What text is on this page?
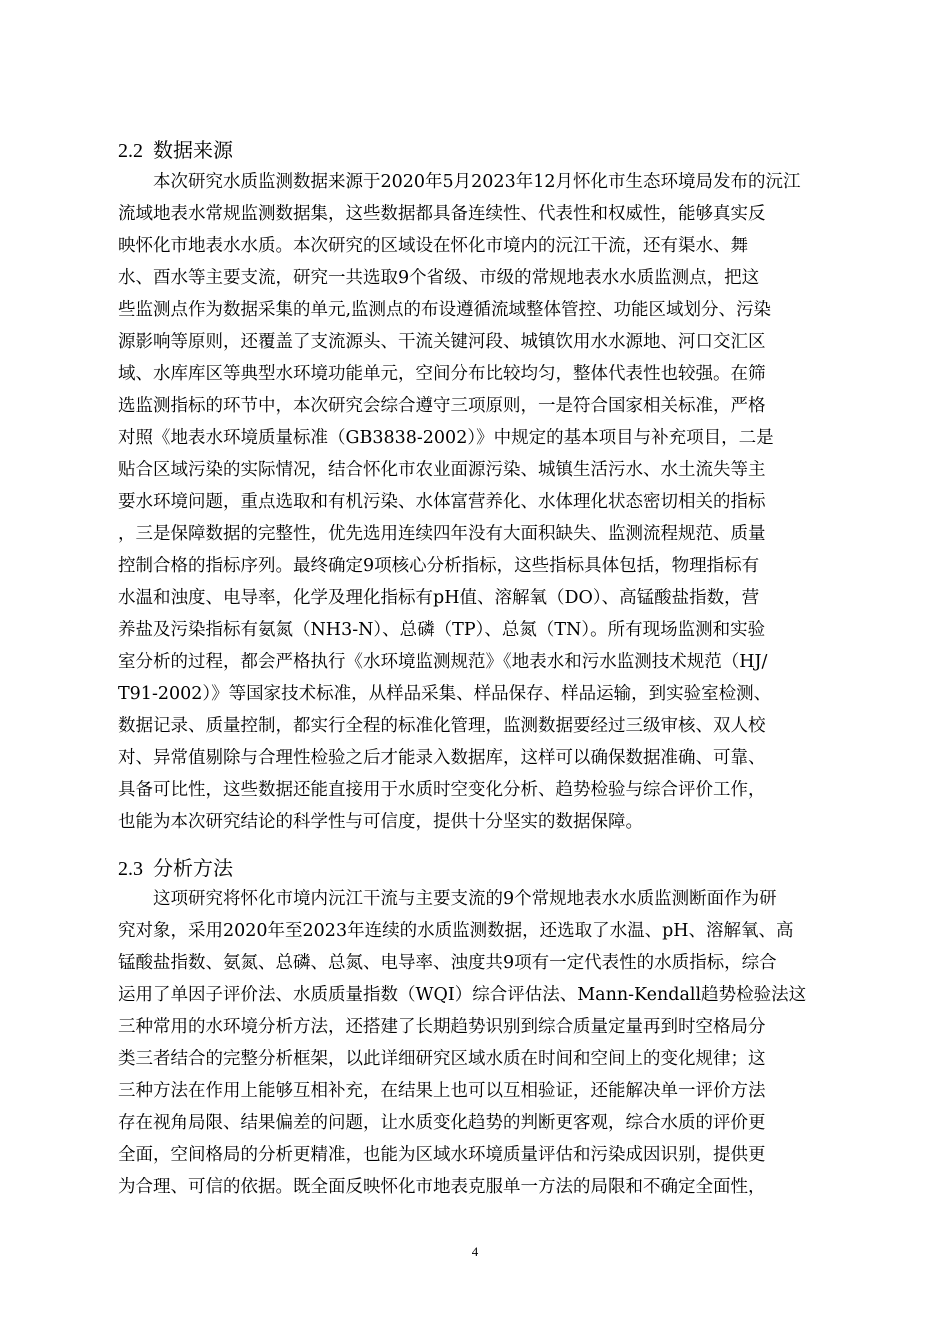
2.2 数据来源
本次研究水质监测数据来源于2020年5月2023年12月怀化市生态环境局发布的沅江
流域地表水常规监测数据集，这些数据都具备连续性、代表性和权威性，能够真实反
映怀化市地表水水质。本次研究的区域设在怀化市境内的沅江干流，还有渠水、舞
水、酉水等主要支流，研究一共选取9个省级、市级的常规地表水水质监测点，把这
些监测点作为数据采集的单元,监测点的布设遵循流域整体管控、功能区域划分、污染
源影响等原则，还覆盖了支流源头、干流关键河段、城镇饮用水水源地、河口交汇区
域、水库库区等典型水环境功能单元，空间分布比较均匀，整体代表性也较强。在筛
选监测指标的环节中，本次研究会综合遵守三项原则，一是符合国家相关标准，严格
对照《地表水环境质量标准（GB3838-2002）》中规定的基本项目与补充项目，二是
贴合区域污染的实际情况，结合怀化市农业面源污染、城镇生活污水、水土流失等主
要水环境问题，重点选取和有机污染、水体富营养化、水体理化状态密切相关的指标
，三是保障数据的完整性，优先选用连续四年没有大面积缺失、监测流程规范、质量
控制合格的指标序列。最终确定9项核心分析指标，这些指标具体包括，物理指标有
水温和浊度、电导率，化学及理化指标有pH值、溶解氧（DO）、高锰酸盐指数，营
养盐及污染指标有氨氮（NH3-N）、总磷（TP）、总氮（TN）。所有现场监测和实验
室分析的过程，都会严格执行《水环境监测规范》《地表水和污水监测技术规范（HJ/
T91-2002）》等国家技术标准，从样品采集、样品保存、样品运输，到实验室检测、
数据记录、质量控制，都实行全程的标准化管理，监测数据要经过三级审核、双人校
对、异常值剔除与合理性检验之后才能录入数据库，这样可以确保数据准确、可靠、
具备可比性，这些数据还能直接用于水质时空变化分析、趋势检验与综合评价工作，
也能为本次研究结论的科学性与可信度，提供十分坚实的数据保障。
2.3 分析方法
这项研究将怀化市境内沅江干流与主要支流的9个常规地表水水质监测断面作为研
究对象，采用2020年至2023年连续的水质监测数据，还选取了水温、pH、溶解氧、高
锰酸盐指数、氨氮、总磷、总氮、电导率、浊度共9项有一定代表性的水质指标，综合
运用了单因子评价法、水质质量指数（WQI）综合评估法、Mann-Kendall趋势检验法这
三种常用的水环境分析方法，还搭建了长期趋势识别到综合质量定量再到时空格局分
类三者结合的完整分析框架，以此详细研究区域水质在时间和空间上的变化规律；这
三种方法在作用上能够互相补充，在结果上也可以互相验证，还能解决单一评价方法
存在视角局限、结果偏差的问题，让水质变化趋势的判断更客观，综合水质的评价更
全面，空间格局的分析更精准，也能为区域水环境质量评估和污染成因识别，提供更
为合理、可信的依据。既全面反映怀化市地表克服单一方法的局限和不确定全面性，
4
